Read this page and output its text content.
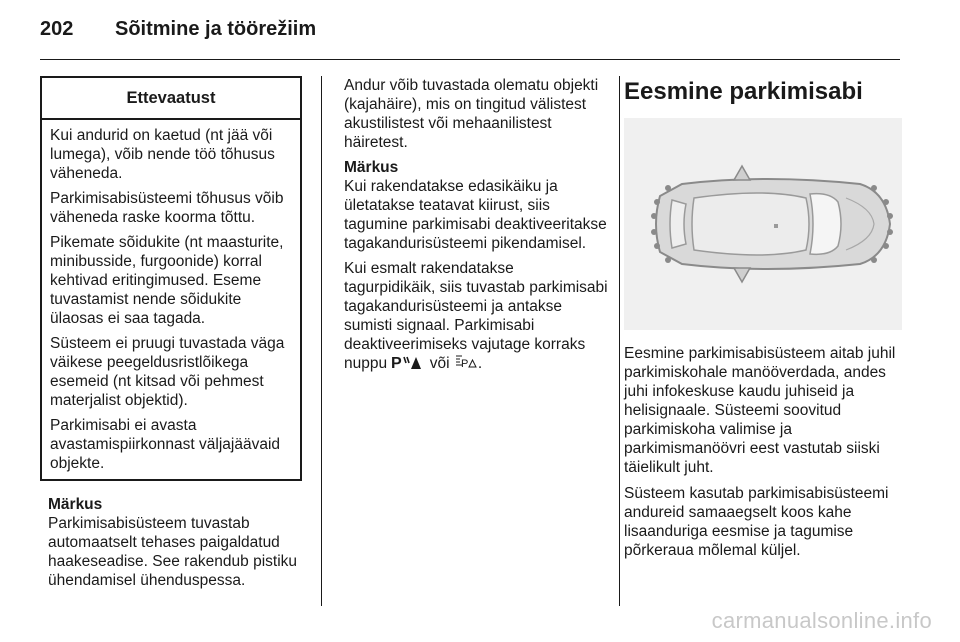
202	Sõitmine ja töörežiim
Ettevaatust

Kui andurid on kaetud (nt jää või lumega), võib nende töö tõhusus väheneda.

Parkimisabisüsteemi tõhusus võib väheneda raske koorma tõttu.

Pikemate sõidukite (nt maasturite, minibusside, furgoonide) korral kehtivad eritingimused. Eseme tuvastamist nende sõidukite ülaosas ei saa tagada.

Süsteem ei pruugi tuvastada väga väikese peegeldusristlõikega esemeid (nt kitsad või pehmest materjalist objektid).

Parkimisabi ei avasta avastamispiirkonnast väljajäävaid objekte.

Märkus
Parkimisabisüsteem tuvastab automaatselt tehases paigaldatud haakeseadise. See rakendub pistiku ühendamisel ühenduspessa.

Andur võib tuvastada olematu objekti (kajahäire), mis on tingitud välistest akustilistest või mehaanilistest häiretest.

Märkus

Kui rakendatakse edasikäiku ja ületatakse teatavat kiirust, siis tagumine parkimisabi deaktiveeritakse tagakandurisüsteemi pikendamisel.

Kui esmalt rakendatakse tagurpidikäik, siis tuvastab parkimisabi tagakandurisüsteemi ja antakse sumisti signaal. Parkimisabi deaktiveerimiseks vajutage korraks nuppu P või P .

Eesmine parkimisabi

Eesmine parkimisabisüsteem aitab juhil parkimiskohale manööverdada, andes juhi infokeskuse kaudu juhiseid ja helisignaale. Süsteemi soovitud parkimiskoha valimise ja parkimismanöövri eest vastutab siiski täielikult juht.

Süsteem kasutab parkimisabisüsteemi andureid samaaegselt koos kahe lisaanduriga eesmise ja tagumise põrkeraua mõlemal küljel.

carmanualsonline.info
